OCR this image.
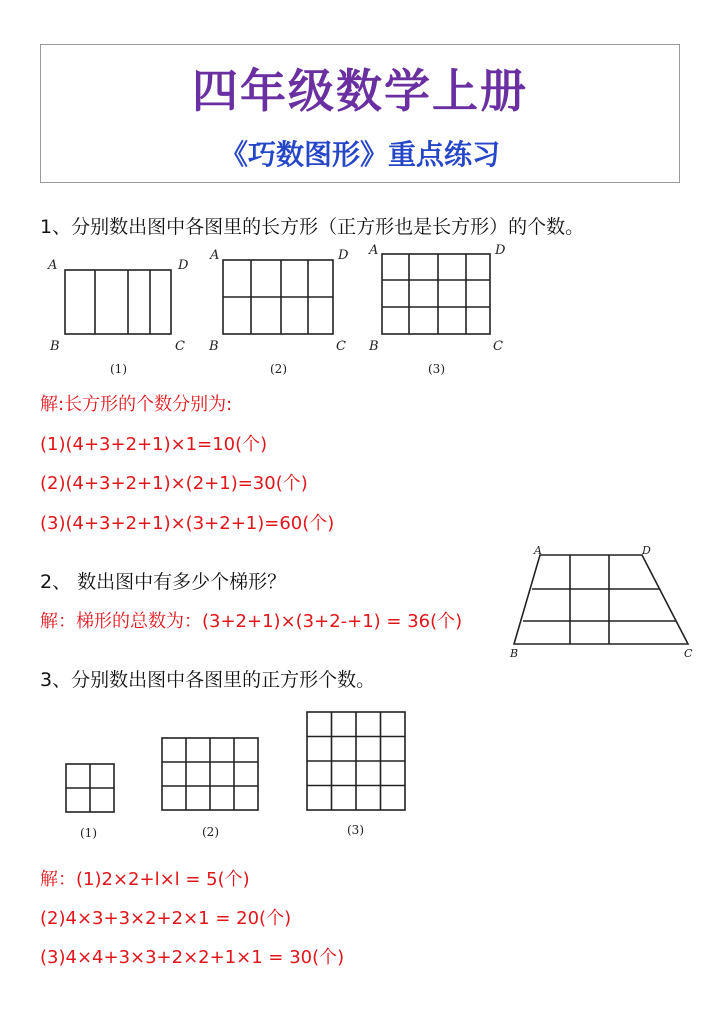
四年级数学上册
《巧数图形》重点练习
1、分别数出图中各图里的长方形（正方形也是长方形）的个数。
A	D
B	C
(1)
A	D
B	C
(2)
A	D
B	C
(3)
解:长方形的个数分别为:
(1)(4+3+2+1)×1=10(个)
(2)(4+3+2+1)×(2+1)=30(个)
(3)(4+3+2+1)×(3+2+1)=60(个)
2、 数出图中有多少个梯形？
解：梯形的总数为：(3+2+1)×(3+2-+1) = 36(个)
A	D
B	C
3、分别数出图中各图里的正方形个数。
(1)	(2)	(3)
解：(1)2×2+l×l = 5(个)
(2)4×3+3×2+2×1 = 20(个)
(3)4×4+3×3+2×2+1×1 = 30(个)
